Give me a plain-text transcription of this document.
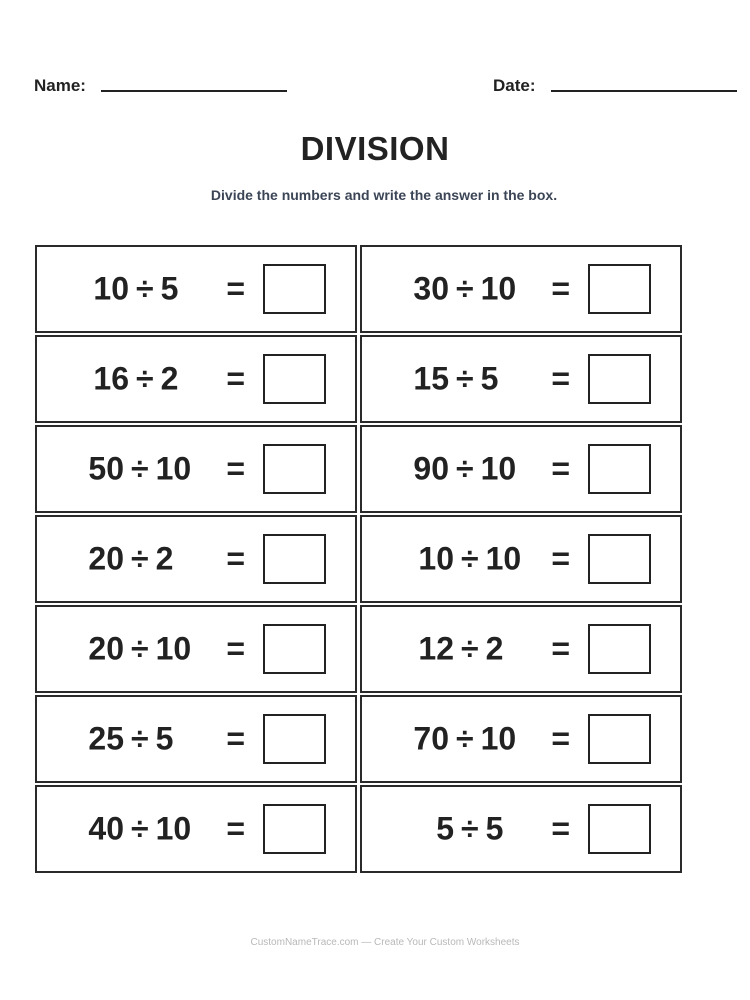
Name:	Date:
DIVISION
Divide the numbers and write the answer in the box.
10 ÷ 5	=	30 ÷ 10 =
16 ÷ 2	=	15 ÷ 5	=
50 ÷ 10 =	90 ÷ 10 =
20 ÷ 2	=	10 ÷ 10 =
20 ÷ 10 =	12 ÷ 2	=
25 ÷ 5	=	70 ÷ 10 =
40 ÷ 10 =	5 ÷ 5	=
CustomNameTrace.com — Create Your Custom Worksheets
